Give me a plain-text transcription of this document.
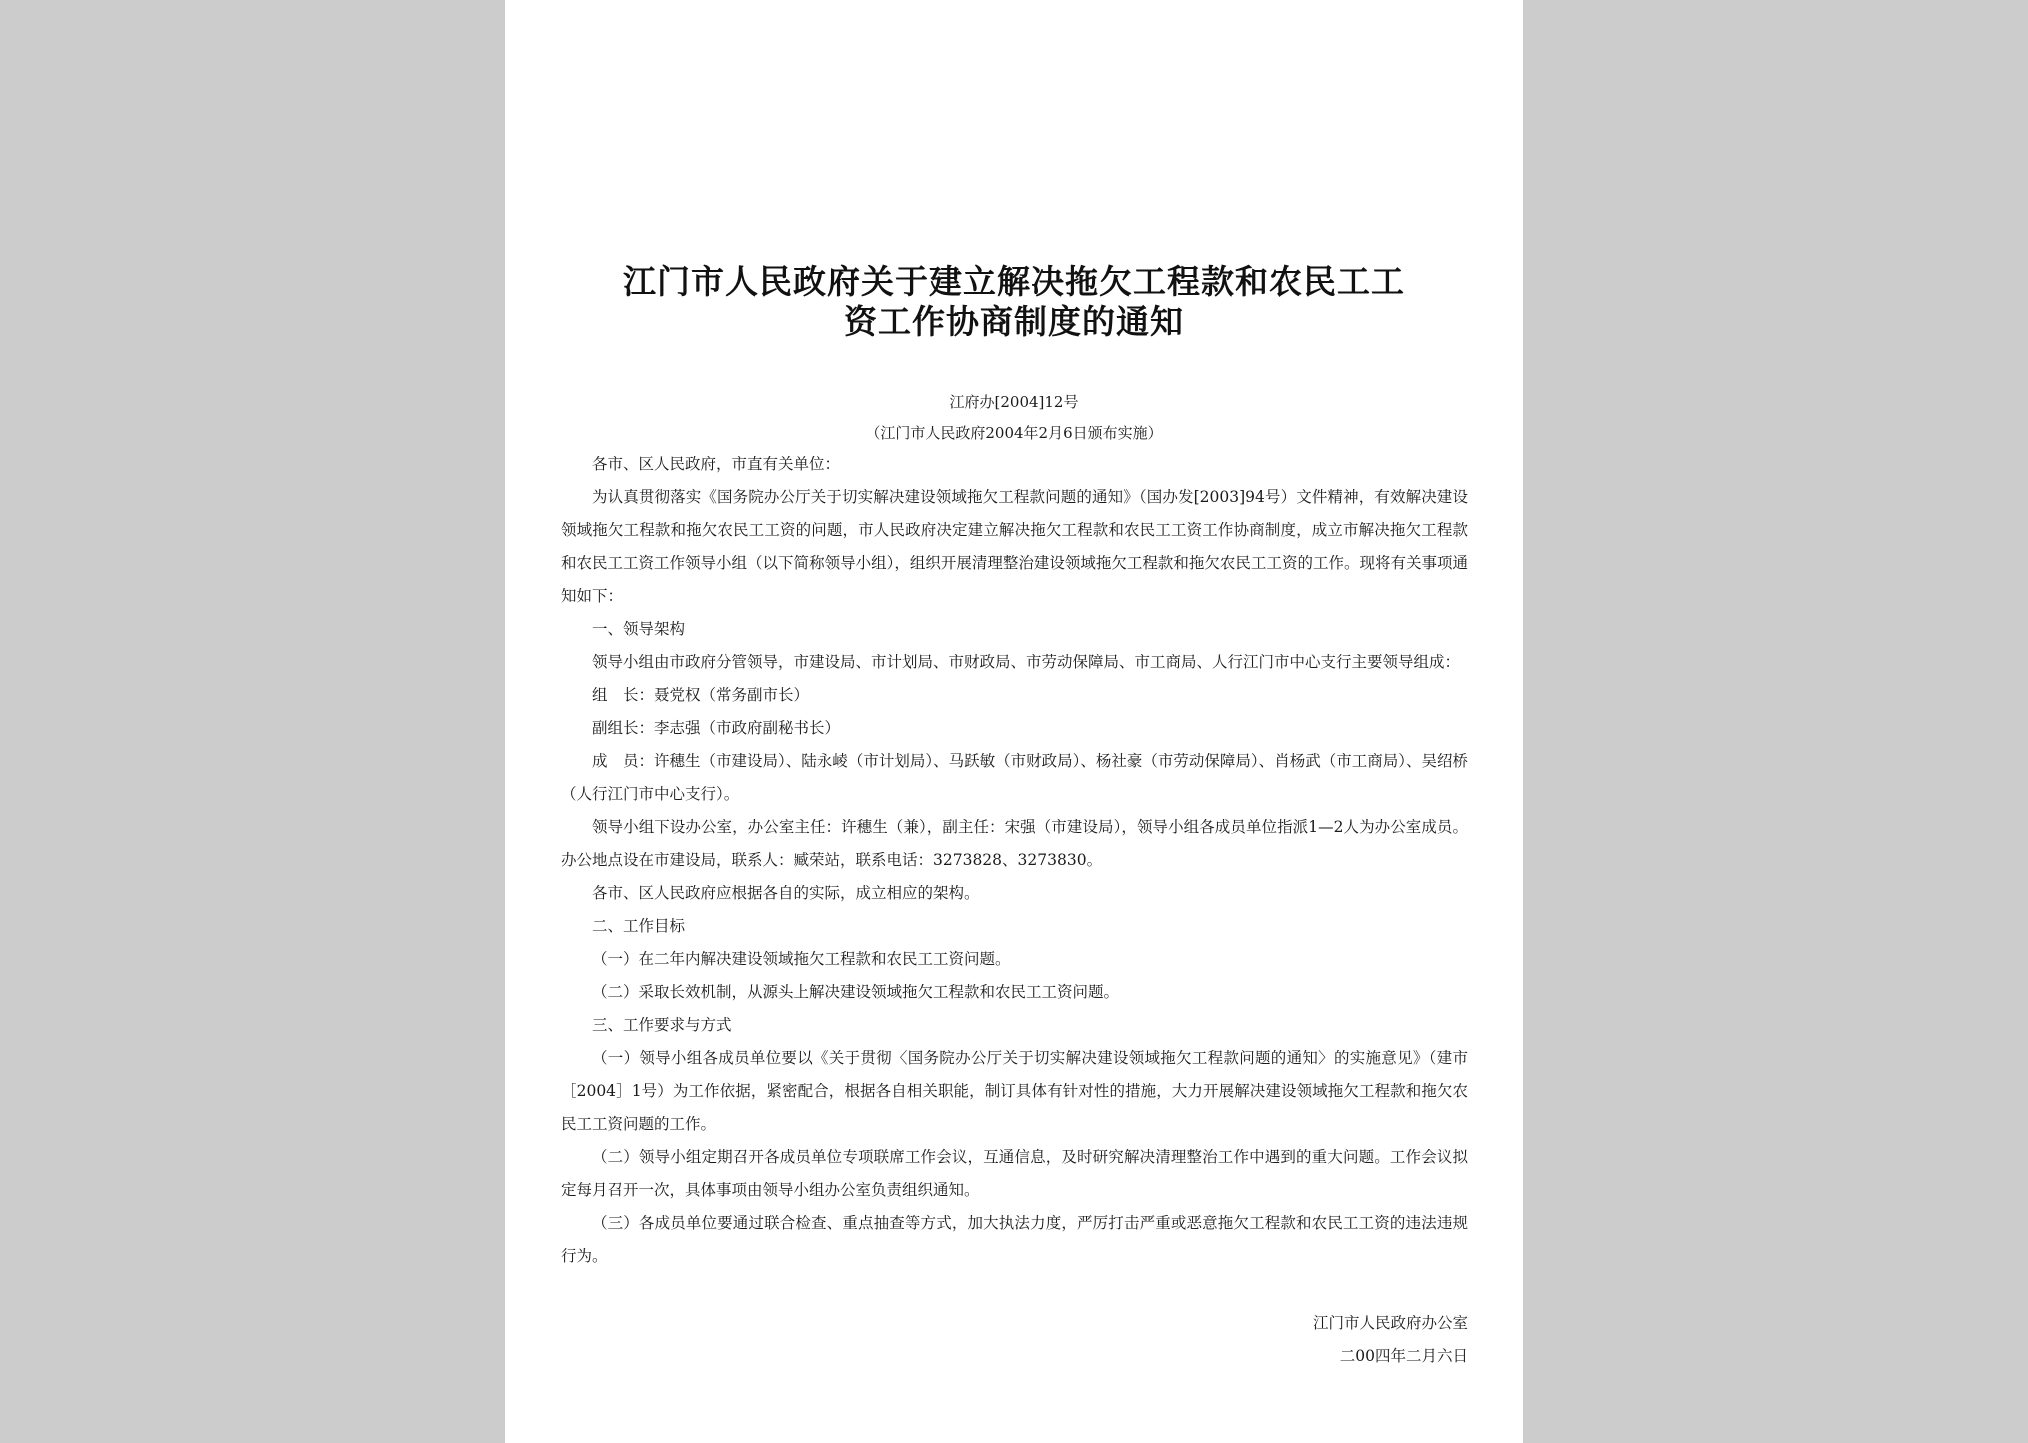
江门市人民政府关于建立解决拖欠工程款和农民工工
资工作协商制度的通知
江府办[2004]12号
（江门市人民政府2004年2月6日颁布实施）

各市、区人民政府，市直有关单位：

为认真贯彻落实《国务院办公厅关于切实解决建设领域拖欠工程款问题的通知》（国办发[2003]94号）文件精神，有效解决建设领域拖欠工程款和拖欠农民工工资的问题，市人民政府决定建立解决拖欠工程款和农民工工资工作协商制度，成立市解决拖欠工程款和农民工工资工作领导小组（以下简称领导小组），组织开展清理整治建设领域拖欠工程款和拖欠农民工工资的工作。现将有关事项通知如下：

一、领导架构

领导小组由市政府分管领导，市建设局、市计划局、市财政局、市劳动保障局、市工商局、人行江门市中心支行主要领导组成：

组　长：聂党权（常务副市长）

副组长：李志强（市政府副秘书长）

成　员：许穗生（市建设局）、陆永崚（市计划局）、马跃敏（市财政局）、杨社豪（市劳动保障局）、肖杨武（市工商局）、吴绍桥（人行江门市中心支行）。

领导小组下设办公室，办公室主任：许穗生（兼），副主任：宋强（市建设局），领导小组各成员单位指派1—2人为办公室成员。办公地点设在市建设局，联系人：臧荣站，联系电话：3273828、3273830。

各市、区人民政府应根据各自的实际，成立相应的架构。

二、工作目标

（一）在二年内解决建设领域拖欠工程款和农民工工资问题。

（二）采取长效机制，从源头上解决建设领域拖欠工程款和农民工工资问题。

三、工作要求与方式

（一）领导小组各成员单位要以《关于贯彻〈国务院办公厅关于切实解决建设领域拖欠工程款问题的通知〉的实施意见》（建市［2004］1号）为工作依据，紧密配合，根据各自相关职能，制订具体有针对性的措施，大力开展解决建设领域拖欠工程款和拖欠农民工工资问题的工作。

（二）领导小组定期召开各成员单位专项联席工作会议，互通信息，及时研究解决清理整治工作中遇到的重大问题。工作会议拟定每月召开一次，具体事项由领导小组办公室负责组织通知。

（三）各成员单位要通过联合检查、重点抽查等方式，加大执法力度，严厉打击严重或恶意拖欠工程款和农民工工资的违法违规行为。

江门市人民政府办公室
二00四年二月六日
